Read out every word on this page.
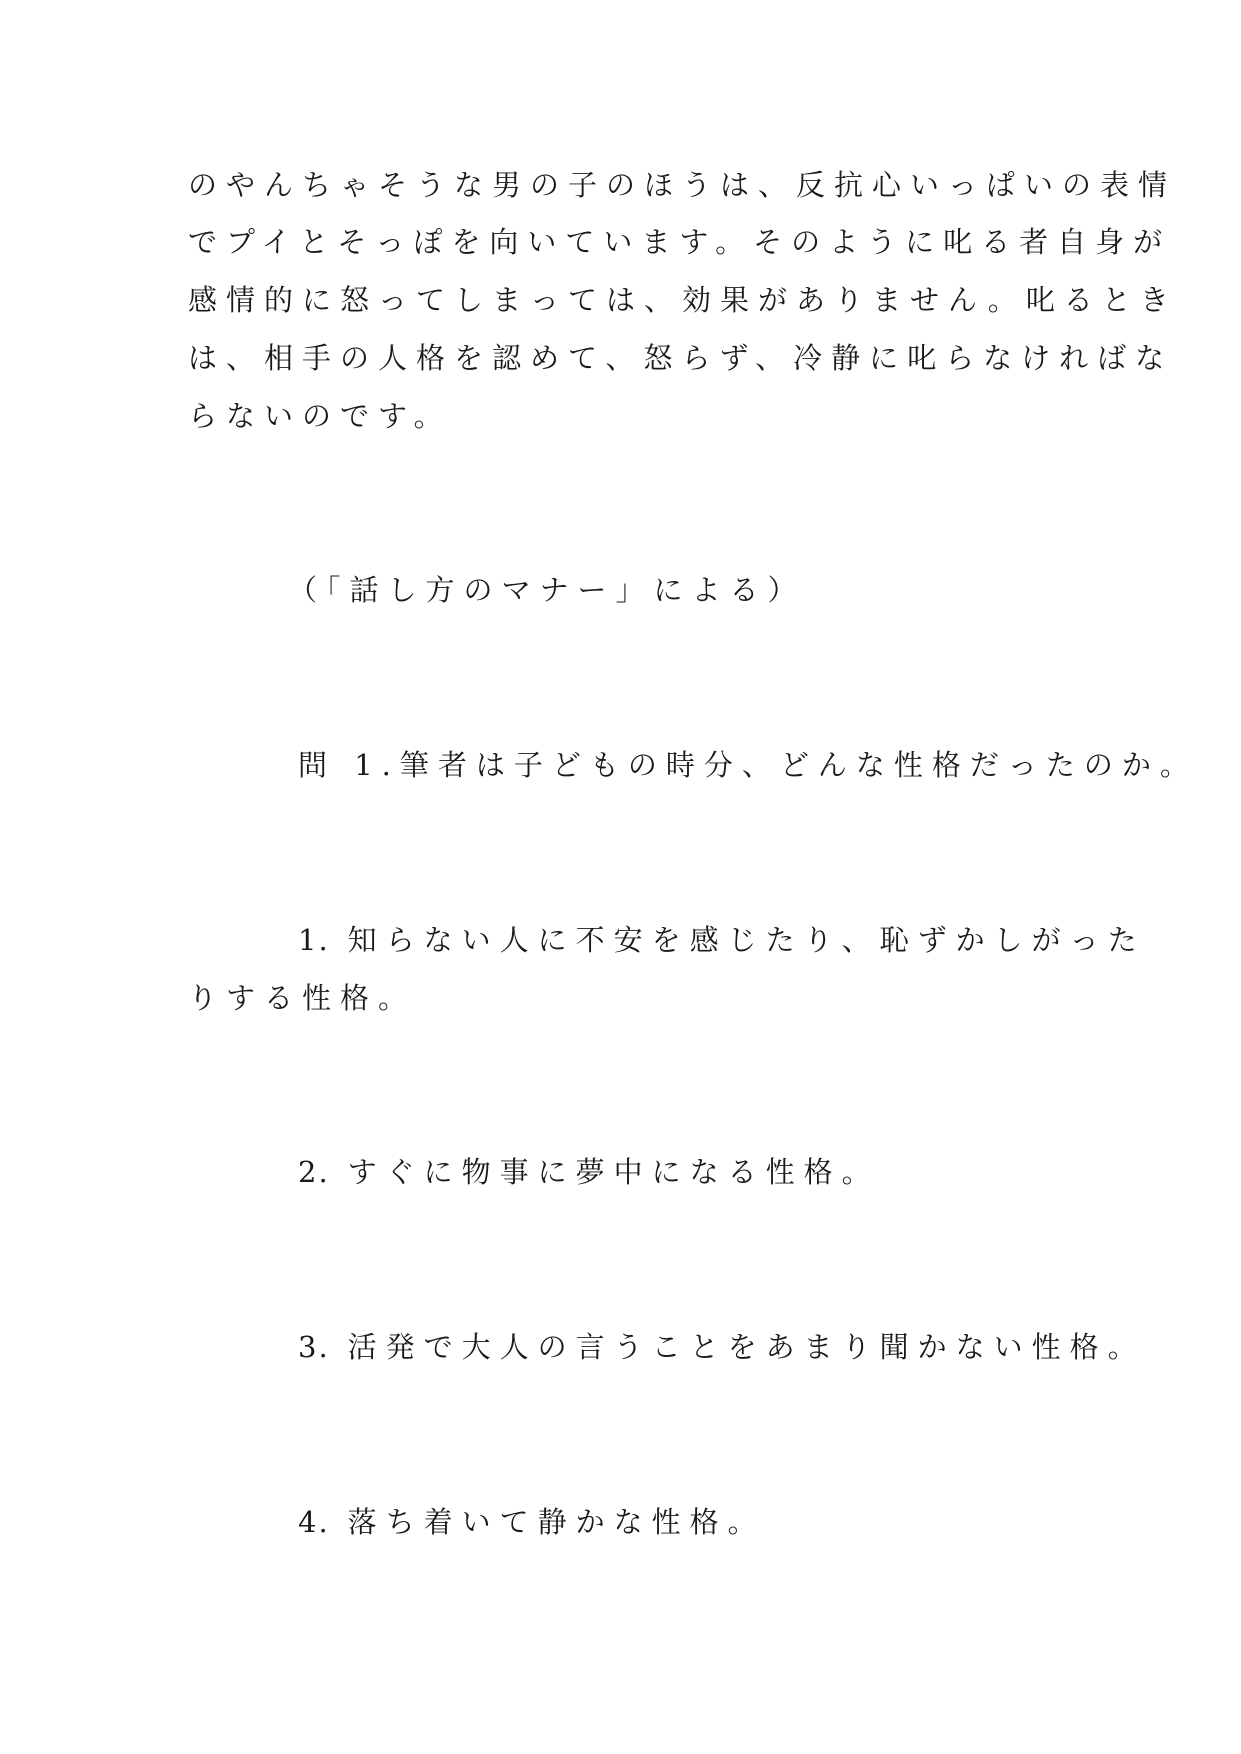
のやんちゃそうな男の子のほうは、反抗心いっぱいの表情

でプイとそっぽを向いています。そのように叱る者自身が

感情的に怒ってしまっては、効果がありません。叱るとき

は、相手の人格を認めて、怒らず、冷静に叱らなければな

らないのです。

（「話し方のマナー」による）

問 1.筆者は子どもの時分、どんな性格だったのか。

1. 知らない人に不安を感じたり、恥ずかしがった

りする性格。

2. すぐに物事に夢中になる性格。

3. 活発で大人の言うことをあまり聞かない性格。

4. 落ち着いて静かな性格。
